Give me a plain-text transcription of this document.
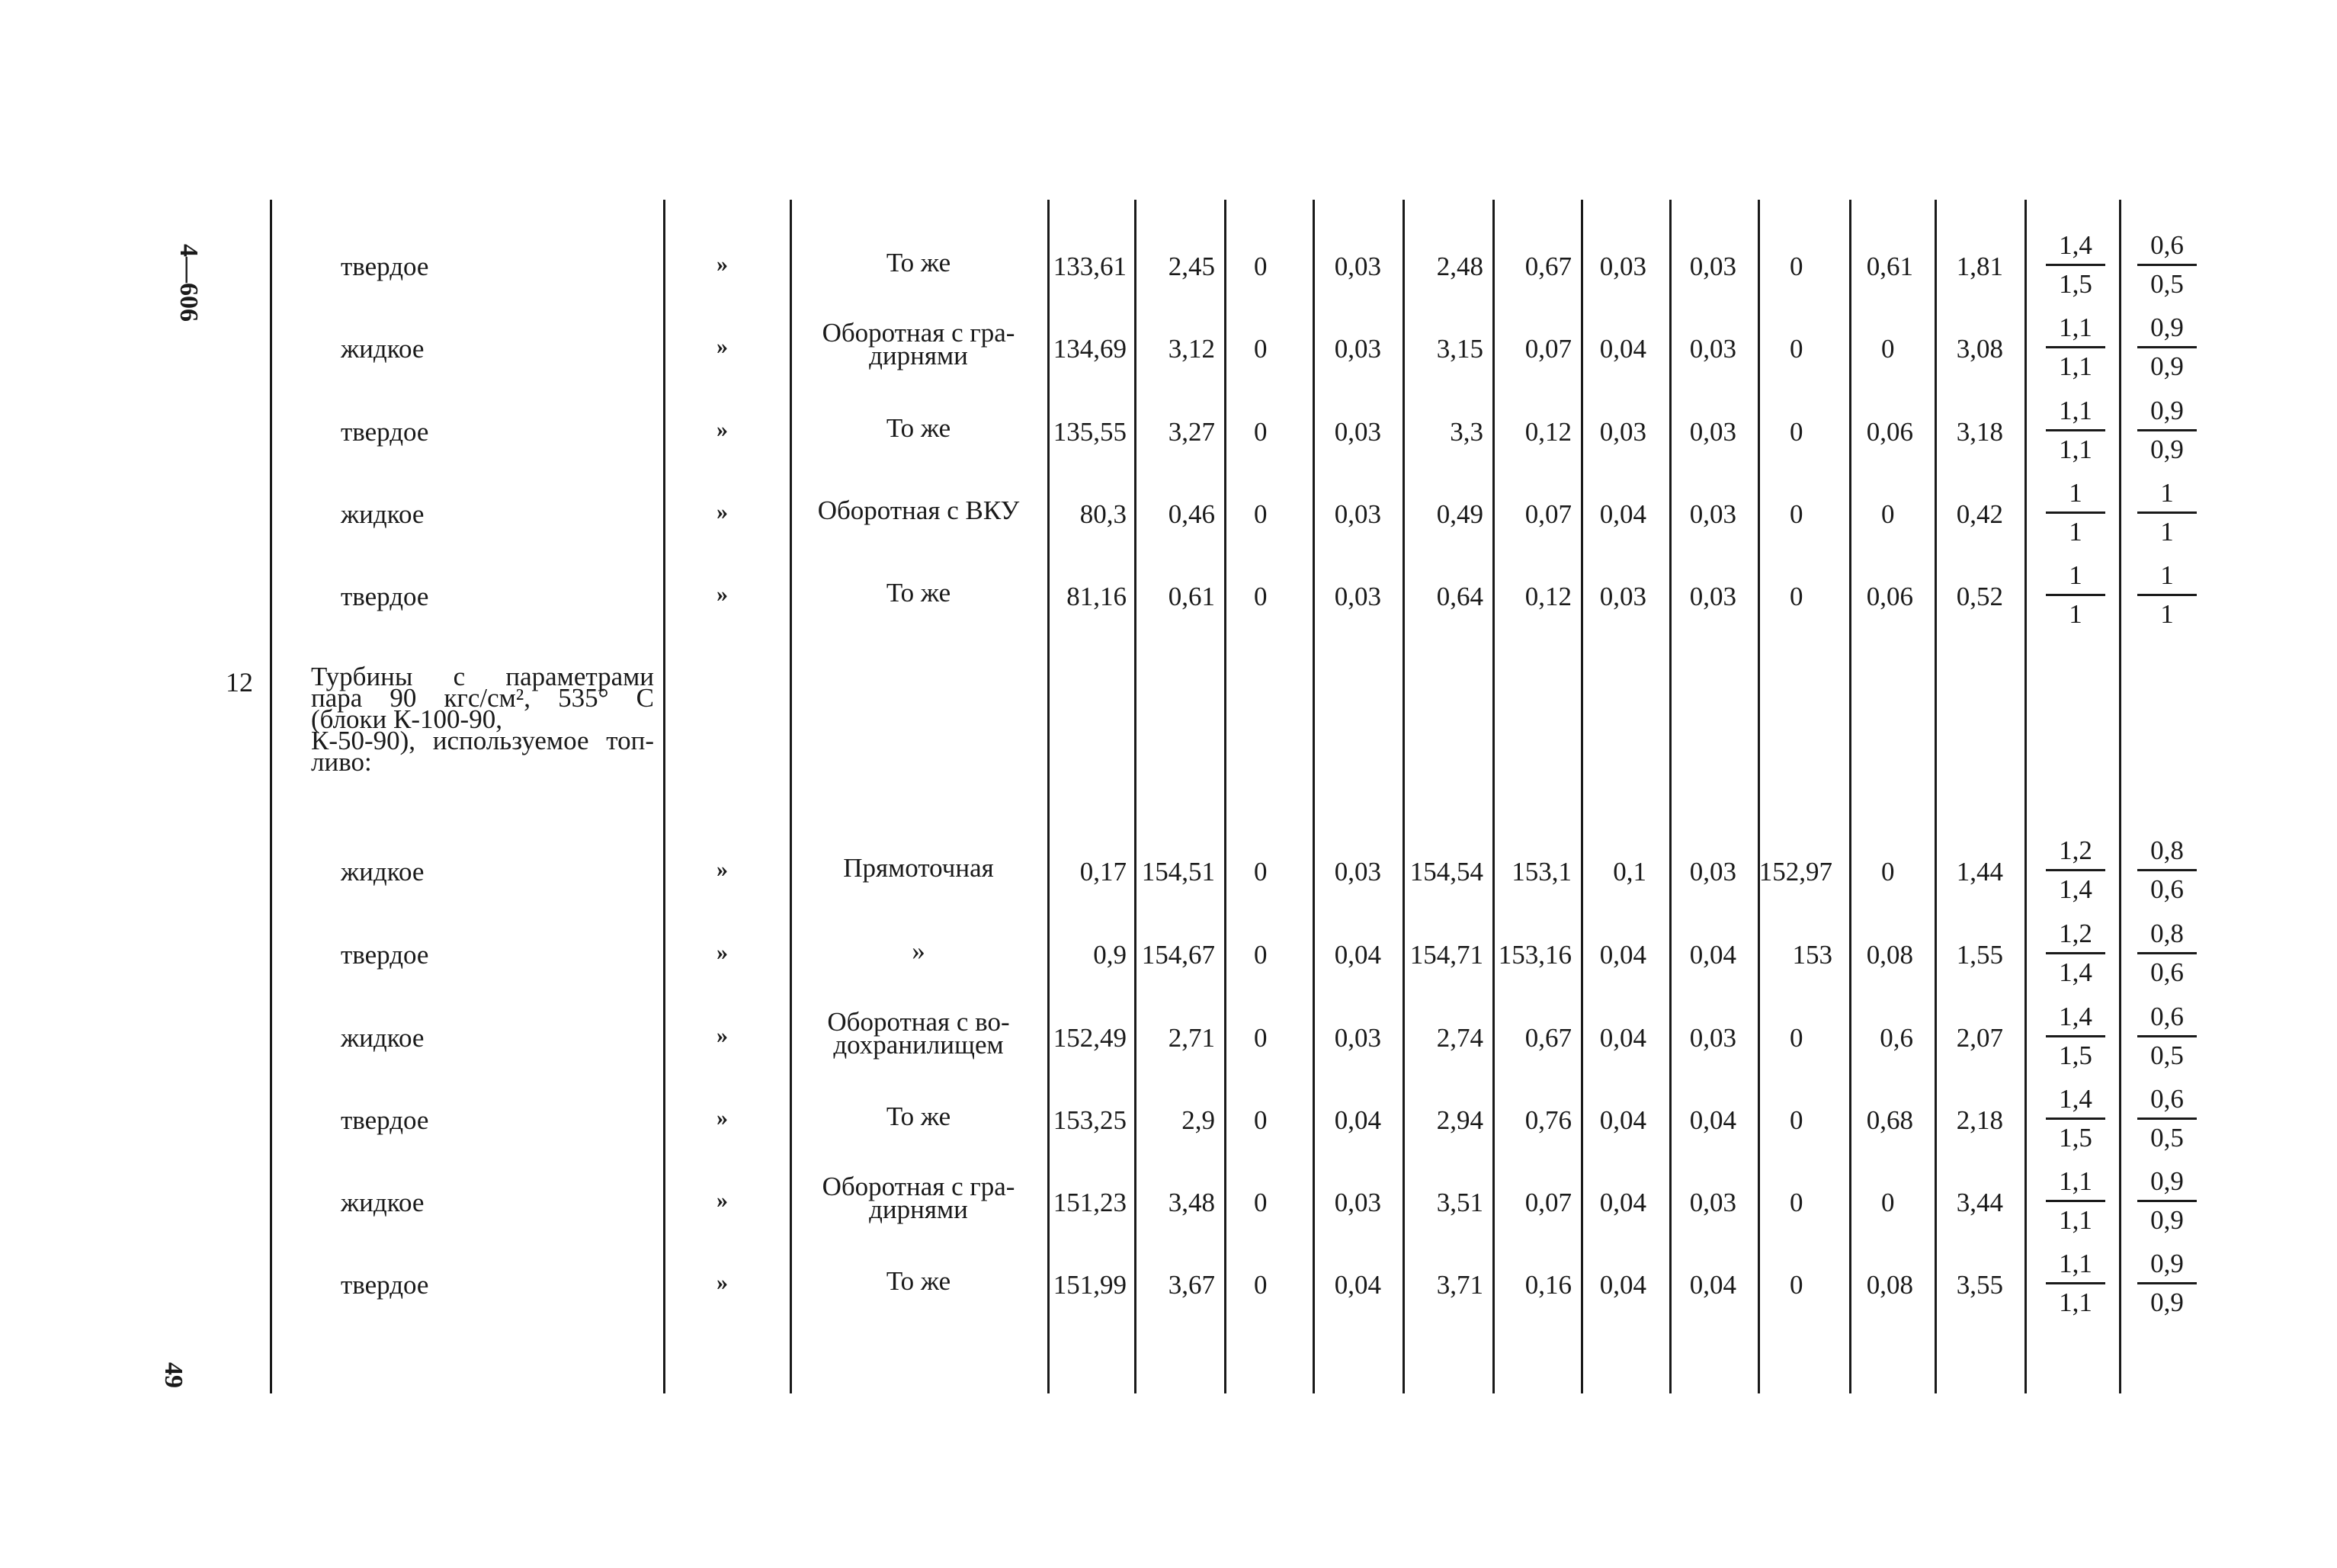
4—606
49
12 Турбины с параметрами
пара 90 кгс/см², 535° С
(блоки К-100-90,
К-50-90), используемое топ-
ливо:
твердое	»	То же	133,61 2,45 0	0,03 2,48 0,67 0,03 0,03 0 0,61 1,81
1,4
1,5
0,6
0,5
жидкое	»	Оборотная с гра-
дирнями	134,69 3,12 0	0,03 3,15 0,07 0,04 0,03 0	0 3,08
1,1
1,1
0,9
0,9
твердое	»	То же	135,55 3,27 0	0,03	3,3 0,12 0,03 0,03 0 0,06 3,18
1,1
1,1
0,9
0,9
жидкое	»	Оборотная с ВКУ	80,3 0,46 0	0,03 0,49 0,07 0,04 0,03 0	0 0,42
1
1
1
1
твердое	»	То же	81,16 0,61 0	0,03 0,64 0,12 0,03 0,03 0 0,06 0,52
1
1
1
1
жидкое	»	Прямоточная	0,17 154,51 0	0,03 154,54 153,1 0,1 0,03 152,97 0 1,44
1,2
1,4
0,8
0,6
твердое	»	»	0,9 154,67 0	0,04 154,71 153,16 0,04 0,04 153 0,08 1,55
1,2
1,4
0,8
0,6
жидкое	»	Оборотная с во-
дохранилищем	152,49 2,71 0	0,03 2,74 0,67 0,04 0,03 0	0,6 2,07
1,4
1,5
0,6
0,5
твердое	»	То же	153,25 2,9 0	0,04 2,94 0,76 0,04 0,04 0 0,68 2,18
1,4
1,5
0,6
0,5
жидкое	»	Оборотная с гра-
дирнями	151,23 3,48 0	0,03 3,51 0,07 0,04 0,03 0	0 3,44
1,1
1,1
0,9
0,9
твердое	»	То же	151,99 3,67 0	0,04 3,71 0,16 0,04 0,04 0 0,08 3,55
1,1
1,1
0,9
0,9
